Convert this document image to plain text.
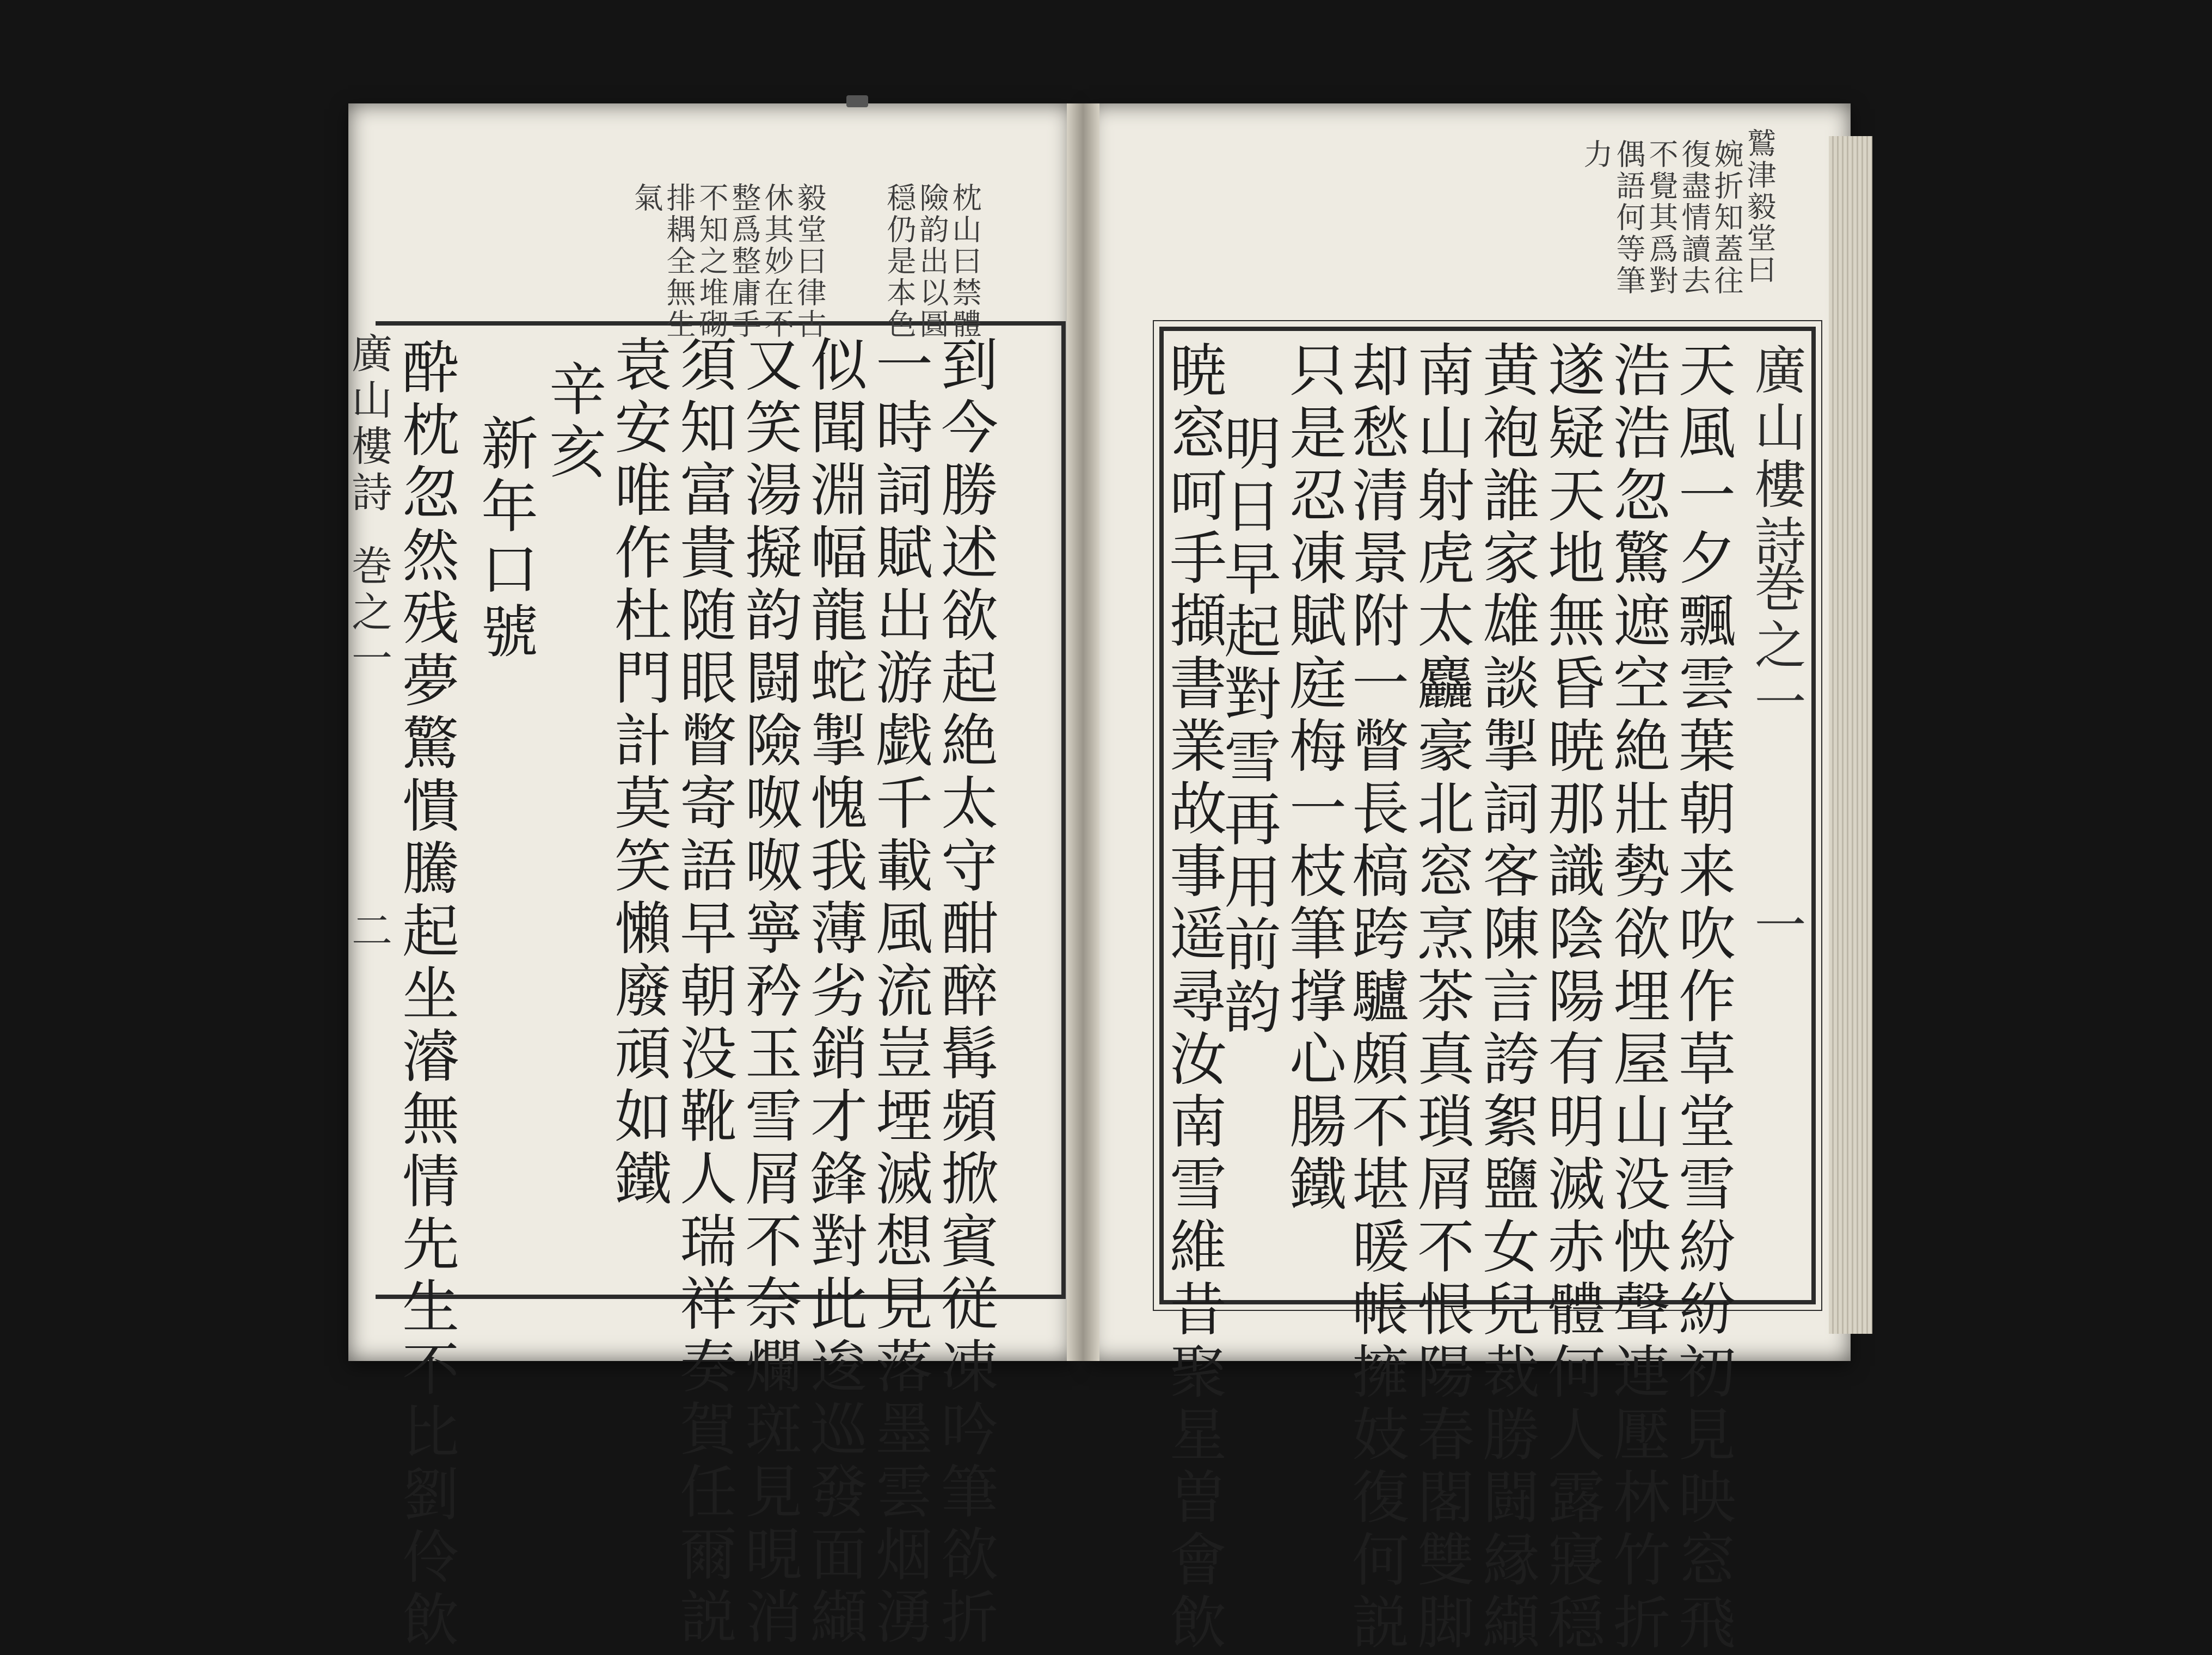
鷲津毅堂曰
婉折知蓋往
復盡情讀去
不覺其爲對
偶語何等筆
力
廣山樓詩
巻之一
一
天風一夕飄雲葉朝来吹作草堂雪紛紛初見映窓飛
浩浩忽驚遮空絶壯勢欲埋屋山没怏聲連壓林竹折
遂疑天地無昏暁那識陰陽有明滅赤體何人露寢穏
黄袍誰家雄談掣詞客陳言誇絮鹽女兒裁勝闘縁纈
南山射虎太麤豪北窓烹茶真瑣屑不恨陽春閣雙脚
却愁清景附一瞥長槁跨驢頗不堪暖帳擁妓復何説
只是忍凍賦庭梅一枝筆撑心腸鐵
明日早起對雪再用前韵
暁窓呵手擷書業故事遥尋汝南雪維昔聚星曽會飲
枕山曰禁體
險韵出以圓
穏仍是本色
毅堂曰律古
休其妙在不
整爲整庸手
不知之堆砌
排耦全無生
氣
到今勝述欲起絶太守酣醉髯頻掀賓従凍吟筆欲折
一時詞賦出游戯千載風流豈堙滅想見落墨雲烟湧
似聞淵幅龍蛇掣愧我薄劣銷才鋒對此逡巡發面纈
又笑湯擬韵闘險呶呶寧矜玉雪屑不奈爛斑見晛消
須知富貴随眼瞥寄語早朝没靴人瑞祥奏賀任爾説
袁安唯作杜門計莫笑懶廢頑如鐵
辛亥
新年口號
酔枕忽然残夢驚憒騰起坐濬無情先生不比劉伶飲
廣山樓詩
巻之一
二
